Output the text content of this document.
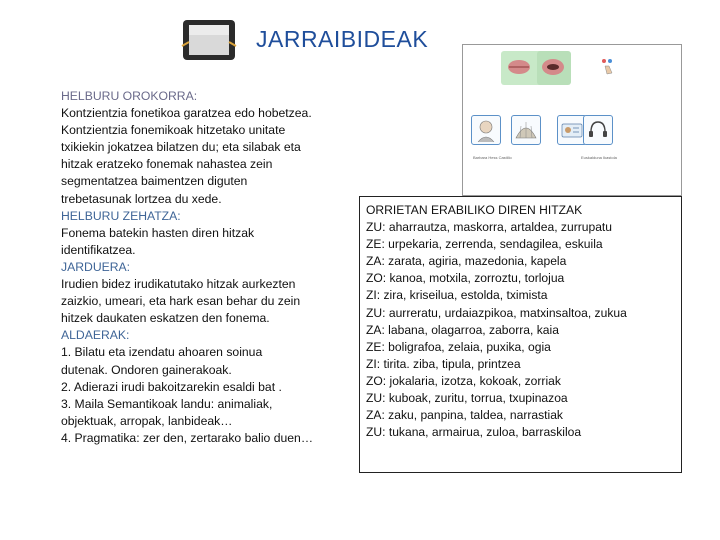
JARRAIBIDEAK
HELBURU OROKORRA:
Kontzientzia fonetikoa garatzea edo hobetzea.
Kontzientzia fonemikoak hitzetako unitate
txikiekin jokatzea bilatzen du; eta silabak eta
hitzak eratzeko fonemak nahastea zein
segmentatzea baimentzen diguten
trebetasunak lortzea du xede.
HELBURU ZEHATZA:
Fonema batekin hasten diren hitzak
identifikatzea.
JARDUERA:
Irudien bidez irudikatutako hitzak aurkezten
zaizkio, umeari, eta hark esan behar du zein
hitzek daukaten eskatzen den fonema.
ALDAERAK:
1. Bilatu eta izendatu ahoaren soinua
dutenak. Ondoren gainerakoak.
2. Adierazi irudi bakoitzarekin esaldi bat .
3. Maila Semantikoak landu: animaliak,
objektuak, arropak, lanbideak…
4. Pragmatika: zer den, zertarako balio duen…
Barbara Hess Castillo	Euskalduna Ikastola
ORRIETAN ERABILIKO DIREN HITZAK
ZU: aharrautza, maskorra, artaldea, zurrupatu
ZE: urpekaria, zerrenda, sendagilea, eskuila
ZA: zarata, agiria, mazedonia, kapela
ZO: kanoa, motxila, zorroztu, torlojua
ZI: zira, kriseilua, estolda, tximista
ZU: aurreratu, urdaiazpikoa, matxinsaltoa, zukua
ZA: labana, olagarroa, zaborra, kaia
ZE: boligrafoa, zelaia, puxika, ogia
ZI: tirita. ziba, tipula, printzea
ZO: jokalaria, izotza, kokoak, zorriak
ZU: kuboak, zuritu, torrua, txupinazoa
ZA: zaku, panpina, taldea, narrastiak
ZU: tukana, armairua, zuloa, barraskiloa
